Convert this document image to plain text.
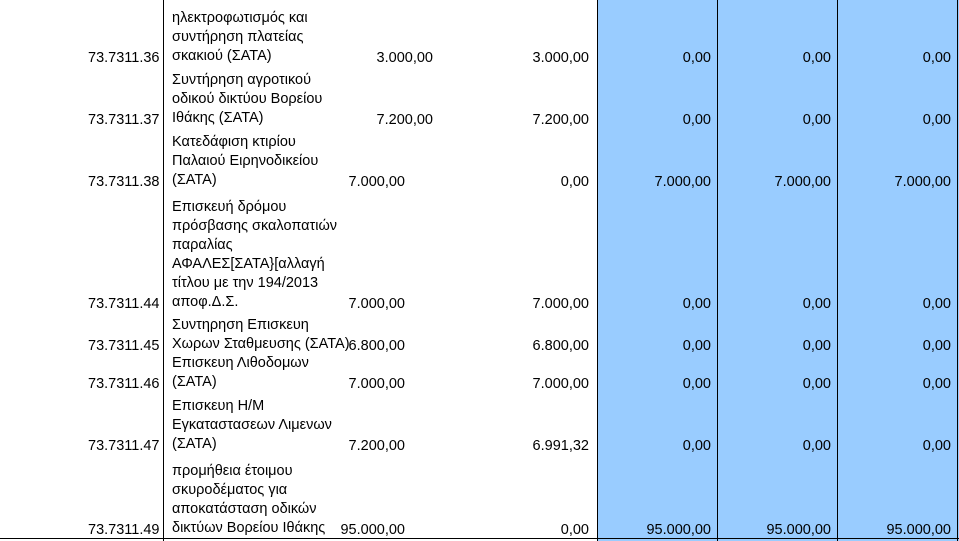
73.7311.36
ηλεκτροφωτισμός και
συντήρηση πλατείας
σκακιού (ΣΑΤΑ)	3.000,00	3.000,00	0,00	0,00	0,00
73.7311.37
Συντήρηση αγροτικού
οδικού δικτύου Βορείου
Ιθάκης (ΣΑΤΑ)	7.200,00	7.200,00	0,00	0,00	0,00
73.7311.38
Κατεδάφιση κτιρίου
Παλαιού Ειρηνοδικείου
(ΣΑΤΑ)	7.000,00	0,00	7.000,00	7.000,00	7.000,00
73.7311.44
Επισκευή δρόμου
πρόσβασης σκαλοπατιών
παραλίας
ΑΦΑΛΕΣ[ΣΑΤΑ}[αλλαγή
τίτλου με την 194/2013
αποφ.Δ.Σ.	7.000,00	7.000,00	0,00	0,00	0,00
73.7311.45
Συντηρηση Επισκευη
Χωρων Σταθμευσης (ΣΑΤΑ) 6.800,00	6.800,00	0,00	0,00	0,00
73.7311.46
Επισκευη Λιθοδομων
(ΣΑΤΑ)	7.000,00	7.000,00	0,00	0,00	0,00
73.7311.47
Επισκευη Η/Μ
Εγκαταστασεων Λιμενων
(ΣΑΤΑ)	7.200,00	6.991,32	0,00	0,00	0,00
73.7311.49
προμήθεια έτοιμου
σκυροδέματος για
αποκατάσταση οδικών
δικτύων Βορείου Ιθάκης	95.000,00	0,00	95.000,00	95.000,00	95.000,00
